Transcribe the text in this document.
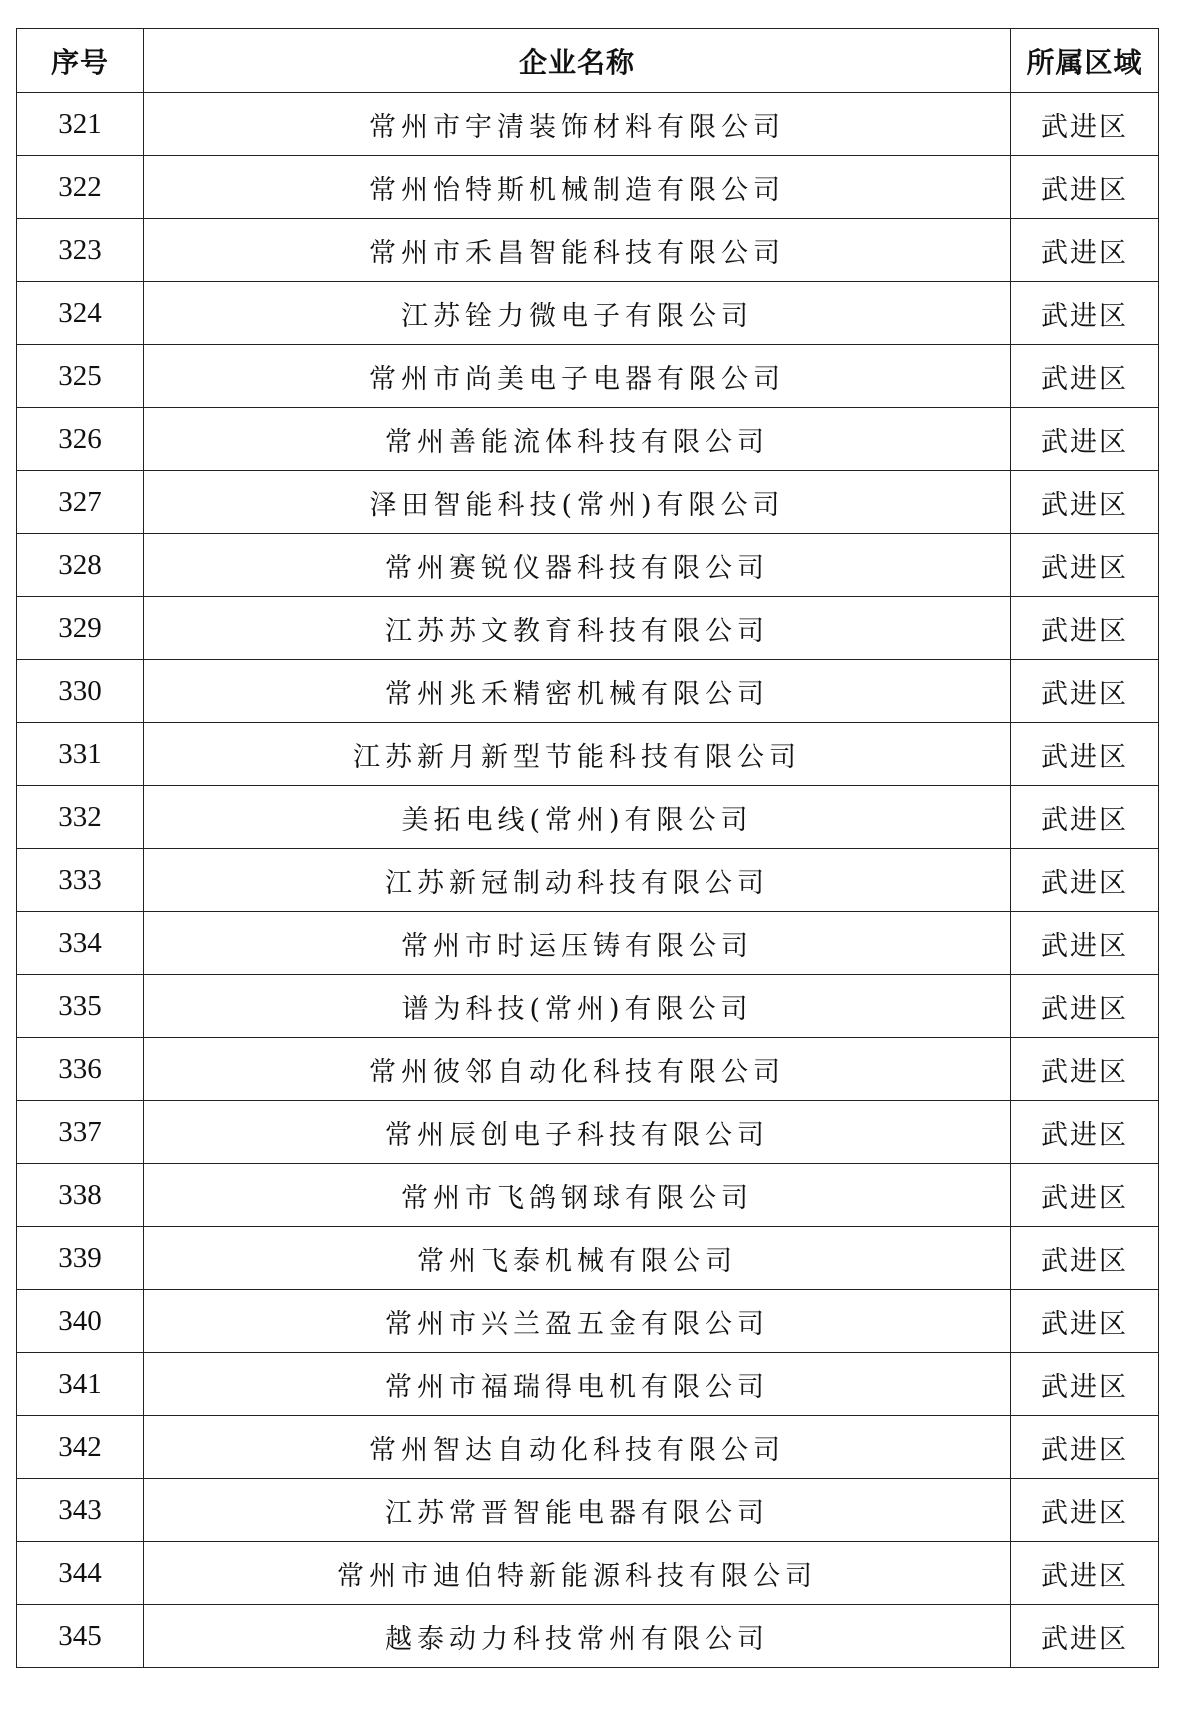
序号	企业名称	所属区域
321	常州市宇清装饰材料有限公司	武进区
322	常州怡特斯机械制造有限公司	武进区
323	常州市禾昌智能科技有限公司	武进区
324	江苏铨力微电子有限公司	武进区
325	常州市尚美电子电器有限公司	武进区
326	常州善能流体科技有限公司	武进区
327	泽田智能科技(常州)有限公司	武进区
328	常州赛锐仪器科技有限公司	武进区
329	江苏苏文教育科技有限公司	武进区
330	常州兆禾精密机械有限公司	武进区
331	江苏新月新型节能科技有限公司	武进区
332	美拓电线(常州)有限公司	武进区
333	江苏新冠制动科技有限公司	武进区
334	常州市时运压铸有限公司	武进区
335	谱为科技(常州)有限公司	武进区
336	常州彼邻自动化科技有限公司	武进区
337	常州辰创电子科技有限公司	武进区
338	常州市飞鸽钢球有限公司	武进区
339	常州飞泰机械有限公司	武进区
340	常州市兴兰盈五金有限公司	武进区
341	常州市福瑞得电机有限公司	武进区
342	常州智达自动化科技有限公司	武进区
343	江苏常晋智能电器有限公司	武进区
344	常州市迪伯特新能源科技有限公司	武进区
345	越泰动力科技常州有限公司	武进区
